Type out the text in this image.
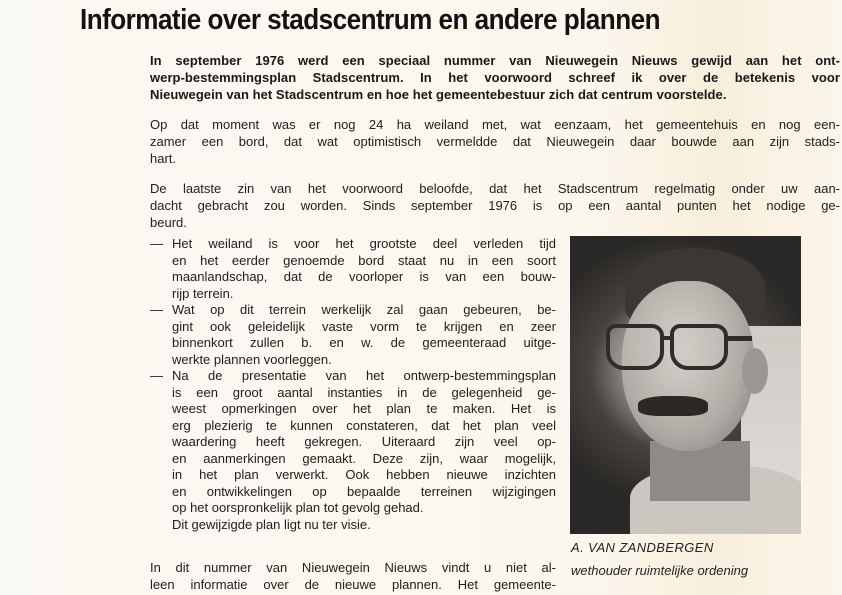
Informatie over stadscentrum en andere plannen

In september 1976 werd een speciaal nummer van Nieuwegein Nieuws gewijd aan het ont-
werp-bestemmingsplan Stadscentrum. In het voorwoord schreef ik over de betekenis voor
Nieuwegein van het Stadscentrum en hoe het gemeentebestuur zich dat centrum voorstelde.

Op dat moment was er nog 24 ha weiland met, wat eenzaam, het gemeentehuis en nog een-
zamer een bord, dat wat optimistisch vermeldde dat Nieuwegein daar bouwde aan zijn stads-
hart.

De laatste zin van het voorwoord beloofde, dat het Stadscentrum regelmatig onder uw aan-
dacht gebracht zou worden. Sinds september 1976 is op een aantal punten het nodige ge-
beurd.

— Het weiland is voor het grootste deel verleden tijd
en het eerder genoemde bord staat nu in een soort
maanlandschap, dat de voorloper is van een bouw-
rijp terrein.
— Wat op dit terrein werkelijk zal gaan gebeuren, be-
gint ook geleidelijk vaste vorm te krijgen en zeer
binnenkort zullen b. en w. de gemeenteraad uitge-
werkte plannen voorleggen.
— Na de presentatie van het ontwerp-bestemmingsplan
is een groot aantal instanties in de gelegenheid ge-
weest opmerkingen over het plan te maken. Het is
erg plezierig te kunnen constateren, dat het plan veel
waardering heeft gekregen. Uiteraard zijn veel op-
en aanmerkingen gemaakt. Deze zijn, waar mogelijk,
in het plan verwerkt. Ook hebben nieuwe inzichten
en ontwikkelingen op bepaalde terreinen wijzigingen
op het oorspronkelijk plan tot gevolg gehad.
Dit gewijzigde plan ligt nu ter visie.

In dit nummer van Nieuwegein Nieuws vindt u niet al-
leen informatie over de nieuwe plannen. Het gemeente-

A. VAN ZANDBERGEN

wethouder ruimtelijke ordening
